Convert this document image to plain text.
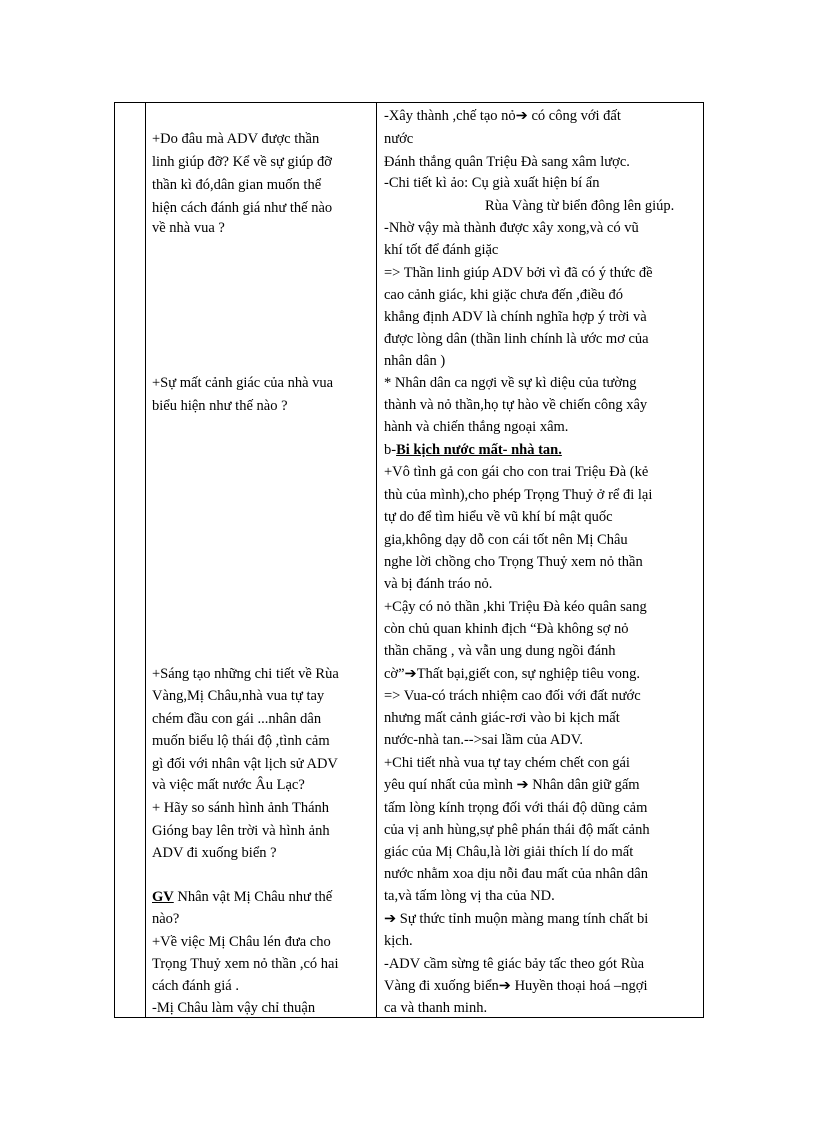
+Do đâu mà ADV được thần
linh giúp đỡ? Kể về sự giúp đỡ
thần kì đó,dân gian muốn thể
hiện cách đánh giá như thế nào
về nhà vua ?
+Sự mất cảnh giác của nhà vua
biểu hiện như thế nào ?
+Sáng tạo những chi tiết về Rùa
Vàng,Mị Châu,nhà vua tự tay
chém đầu con gái ...nhân dân
muốn biểu lộ thái độ ,tình cảm
gì đối với nhân vật lịch sử ADV
và việc mất nước Âu Lạc?
+ Hãy so sánh hình ảnh Thánh
Gióng bay lên trời và hình ảnh
ADV đi xuống biển ?
GV Nhân vật Mị Châu như thế
nào?
+Về việc Mị Châu lén đưa cho
Trọng Thuỷ xem nỏ thần ,có hai
cách đánh giá .
-Mị Châu làm vậy chỉ thuận
-Xây thành ,chế tạo nỏ➔ có công với đất
nước
Đánh thắng quân Triệu Đà sang xâm lược.
-Chi tiết kì ảo: Cụ già xuất hiện bí ẩn
Rùa Vàng từ biển đông lên giúp.
-Nhờ vậy mà thành được xây xong,và có vũ
khí tốt để đánh giặc
=> Thần linh giúp ADV bởi vì đã có ý thức đề
cao cảnh giác, khi giặc chưa đến ,điều đó
khẳng định ADV là chính nghĩa hợp ý trời và
được lòng dân (thần linh chính là ước mơ của
nhân dân )
* Nhân dân ca ngợi về sự kì diệu của tường
thành và nỏ thần,họ tự hào về chiến công xây
hành và chiến thắng ngoại xâm.
b-Bi kịch nước mất- nhà tan.
+Vô tình gả con gái cho con trai Triệu Đà (kẻ
thù của mình),cho phép Trọng Thuỷ ở rể đi lại
tự do để tìm hiểu về vũ khí bí mật quốc
gia,không dạy dỗ con cái tốt nên Mị Châu
nghe lời chồng cho Trọng Thuỷ xem nỏ thần
và bị đánh tráo nỏ.
+Cậy có nỏ thần ,khi Triệu Đà kéo quân sang
còn chủ quan khinh địch “Đà không sợ nỏ
thần chăng , và vẫn ung dung ngồi đánh
cờ”➔Thất bại,giết con, sự nghiệp tiêu vong.
=> Vua-có trách nhiệm cao đối với đất nước
nhưng mất cảnh giác-rơi vào bi kịch mất
nước-nhà tan.-->sai lầm của ADV.
+Chi tiết nhà vua tự tay chém chết con gái
yêu quí nhất của mình ➔ Nhân dân giữ gấm
tấm lòng kính trọng đối với thái độ dũng cảm
của vị anh hùng,sự phê phán thái độ mất cảnh
giác của Mị Châu,là lời giải thích lí do mất
nước nhằm xoa dịu nỗi đau mất của nhân dân
ta,và tấm lòng vị tha của ND.
➔ Sự thức tỉnh muộn màng mang tính chất bi
kịch.
-ADV cầm sừng tê giác bảy tấc theo gót Rùa
Vàng đi xuống biển➔ Huyền thoại hoá –ngợi
ca và thanh minh.
